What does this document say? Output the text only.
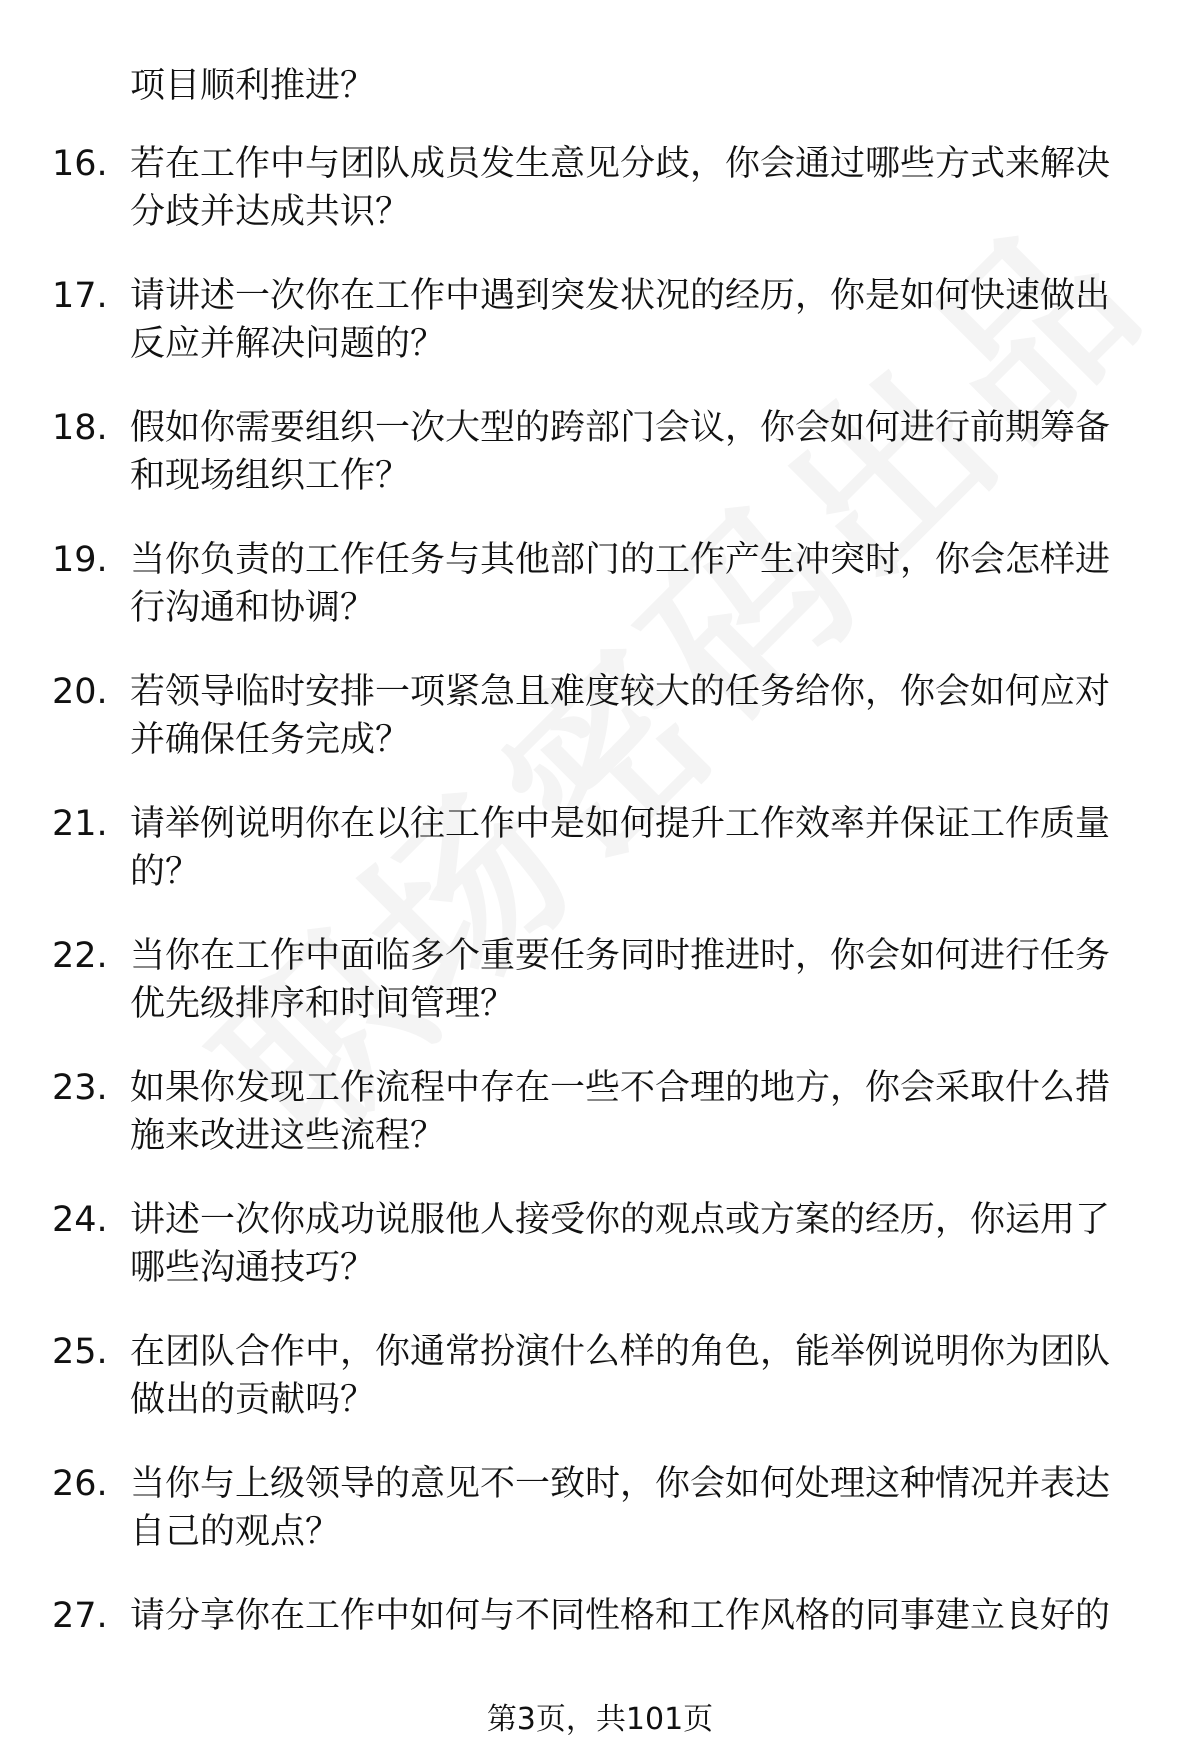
项目顺利推进？
16. 若在工作中与团队成员发生意见分歧，你会通过哪些方式来解决分歧并达成共识？
17. 请讲述一次你在工作中遇到突发状况的经历，你是如何快速做出反应并解决问题的？
18. 假如你需要组织一次大型的跨部门会议，你会如何进行前期筹备和现场组织工作？
19. 当你负责的工作任务与其他部门的工作产生冲突时，你会怎样进行沟通和协调？
20. 若领导临时安排一项紧急且难度较大的任务给你，你会如何应对并确保任务完成？
21. 请举例说明你在以往工作中是如何提升工作效率并保证工作质量的？
22. 当你在工作中面临多个重要任务同时推进时，你会如何进行任务优先级排序和时间管理？
23. 如果你发现工作流程中存在一些不合理的地方，你会采取什么措施来改进这些流程？
24. 讲述一次你成功说服他人接受你的观点或方案的经历，你运用了哪些沟通技巧？
25. 在团队合作中，你通常扮演什么样的角色，能举例说明你为团队做出的贡献吗？
26. 当你与上级领导的意见不一致时，你会如何处理这种情况并表达自己的观点？
27. 请分享你在工作中如何与不同性格和工作风格的同事建立良好的
第3页，共101页
